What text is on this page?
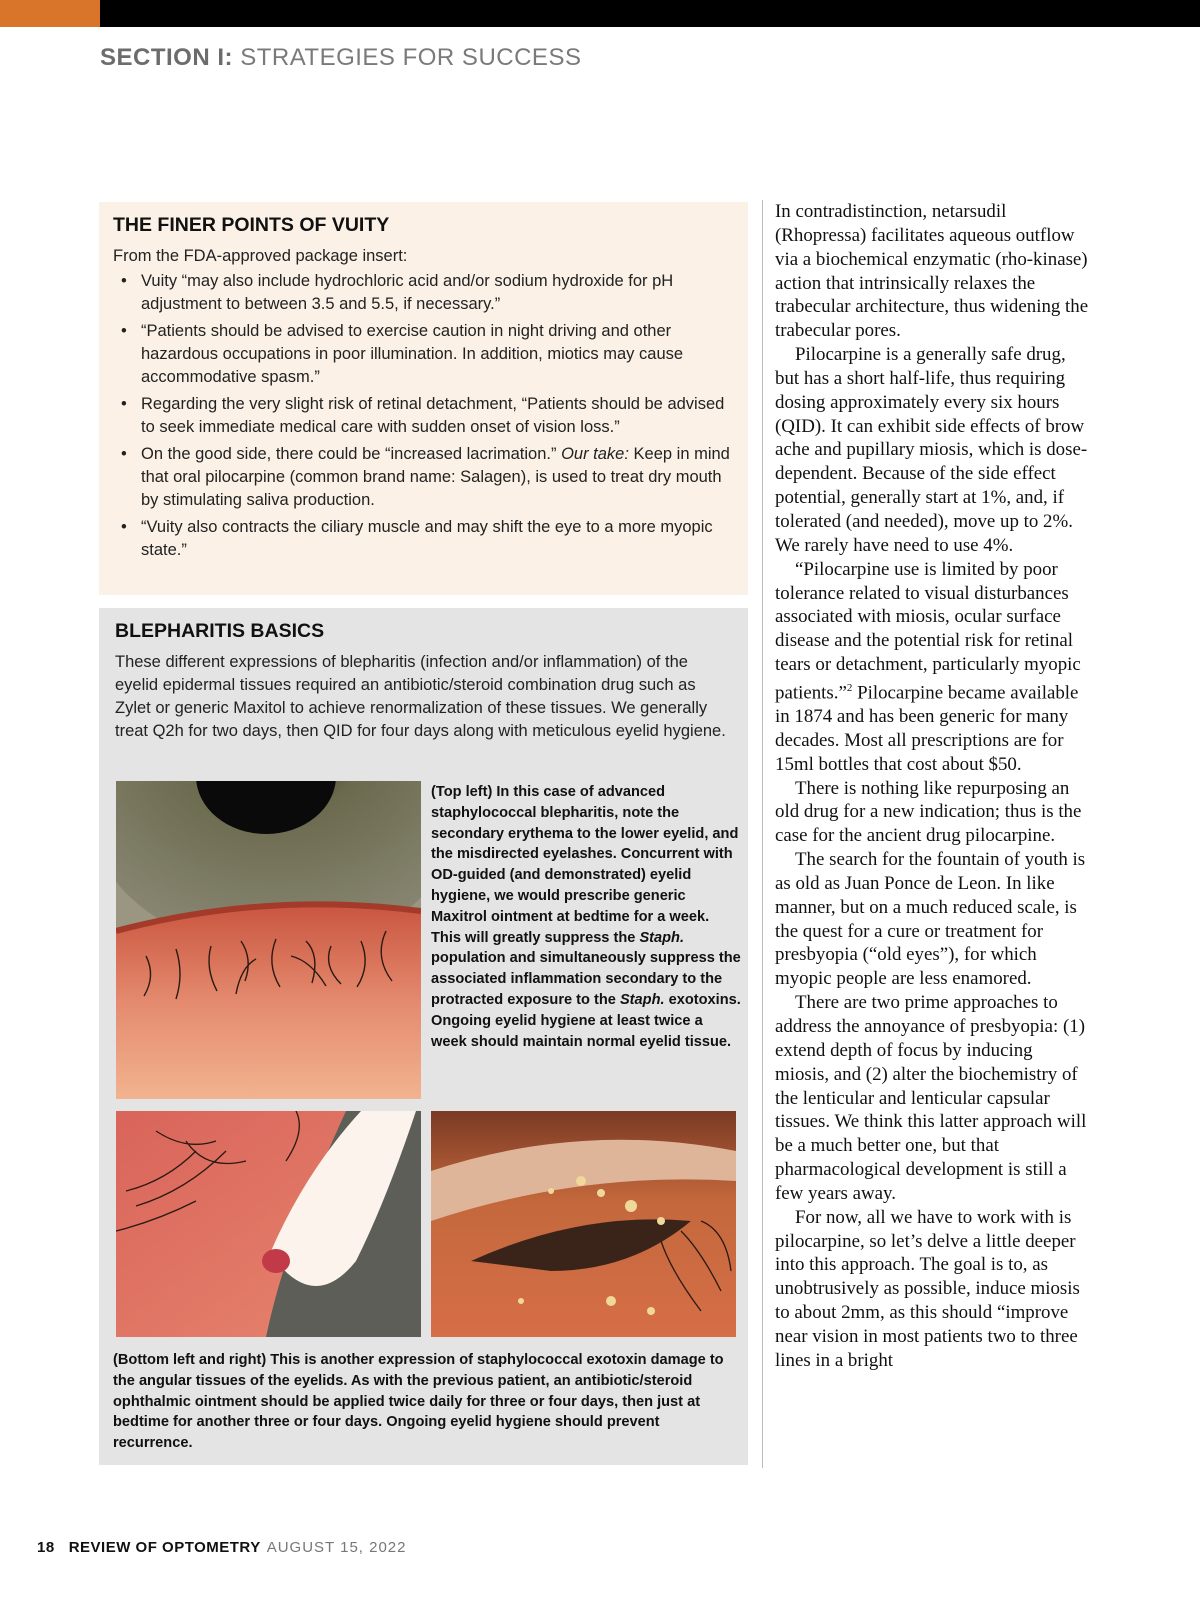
SECTION I: STRATEGIES FOR SUCCESS
THE FINER POINTS OF VUITY

From the FDA-approved package insert:

• Vuity “may also include hydrochloric acid and/or sodium hydroxide for pH adjustment to between 3.5 and 5.5, if necessary.”
• “Patients should be advised to exercise caution in night driving and other hazardous occupations in poor illumination. In addition, miotics may cause accommodative spasm.”
• Regarding the very slight risk of retinal detachment, “Patients should be advised to seek immediate medical care with sudden onset of vision loss.”
• On the good side, there could be “increased lacrimation.” Our take: Keep in mind that oral pilocarpine (common brand name: Salagen), is used to treat dry mouth by stimulating saliva production.
• “Vuity also contracts the ciliary muscle and may shift the eye to a more myopic state.”
BLEPHARITIS BASICS

These different expressions of blepharitis (infection and/or inflammation) of the eyelid epidermal tissues required an antibiotic/steroid combination drug such as Zylet or generic Maxitol to achieve renormalization of these tissues. We generally treat Q2h for two days, then QID for four days along with meticulous eyelid hygiene.

(Top left) In this case of advanced staphylococcal blepharitis, note the secondary erythema to the lower eyelid, and the misdirected eyelashes. Concurrent with OD-guided (and demonstrated) eyelid hygiene, we would prescribe generic Maxitrol ointment at bedtime for a week. This will greatly suppress the Staph. population and simultaneously suppress the associated inflammation secondary to the protracted exposure to the Staph. exotoxins. Ongoing eyelid hygiene at least twice a week should maintain normal eyelid tissue.
(Bottom left and right) This is another expression of staphylococcal exotoxin damage to the angular tissues of the eyelids. As with the previous patient, an antibiotic/steroid ophthalmic ointment should be applied twice daily for three or four days, then just at bedtime for another three or four days. Ongoing eyelid hygiene should prevent recurrence.

In contradistinction, netarsudil (Rhopressa) facilitates aqueous outflow via a biochemical enzymatic (rho-kinase) action that intrinsically relaxes the trabecular architecture, thus widening the trabecular pores.

Pilocarpine is a generally safe drug, but has a short half-life, thus requiring dosing approximately every six hours (QID). It can exhibit side effects of brow ache and pupillary miosis, which is dose-dependent. Because of the side effect potential, generally start at 1%, and, if tolerated (and needed), move up to 2%. We rarely have need to use 4%.

“Pilocarpine use is limited by poor tolerance related to visual disturbances associated with miosis, ocular surface disease and the potential risk for retinal tears or detachment, particularly myopic patients.”$^2$ Pilocarpine became available in 1874 and has been generic for many decades. Most all prescriptions are for 15ml bottles that cost about $50.

There is nothing like repurposing an old drug for a new indication; thus is the case for the ancient drug pilocarpine.

The search for the fountain of youth is as old as Juan Ponce de Leon. In like manner, but on a much reduced scale, is the quest for a cure or treatment for presbyopia (“old eyes”), for which myopic people are less enamored.

There are two prime approaches to address the annoyance of presbyopia: (1) extend depth of focus by inducing miosis, and (2) alter the biochemistry of the lenticular and lenticular capsular tissues. We think this latter approach will be a much better one, but that pharmacological development is still a few years away.

For now, all we have to work with is pilocarpine, so let’s delve a little deeper into this approach. The goal is to, as unobtrusively as possible, induce miosis to about 2mm, as this should “improve near vision in most patients two to three lines in a bright

18 REVIEW OF OPTOMETRY AUGUST 15, 2022
